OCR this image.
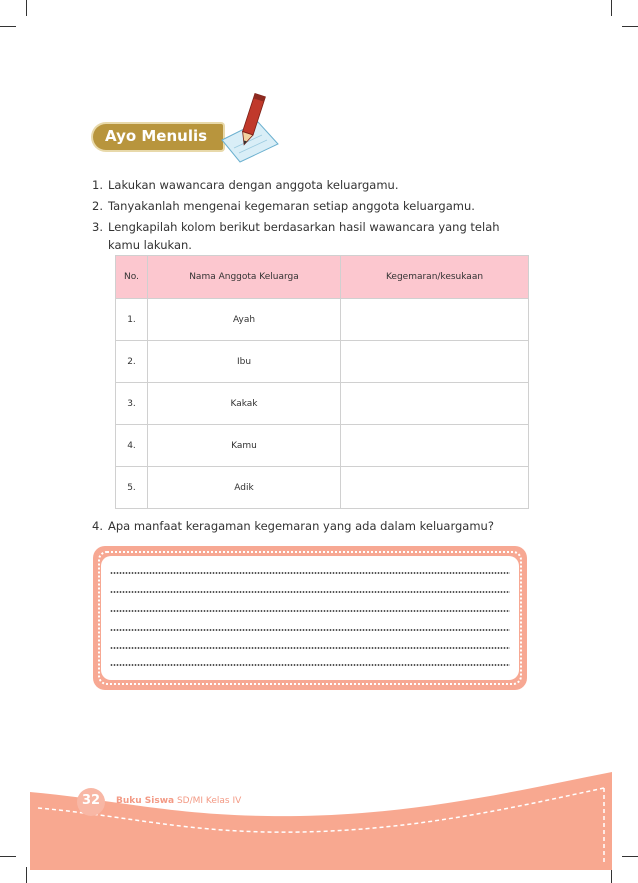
Ayo Menulis
1. Lakukan wawancara dengan anggota keluargamu.
2. Tanyakanlah mengenai kegemaran setiap anggota keluargamu.
3. Lengkapilah kolom berikut berdasarkan hasil wawancara yang telah kamu lakukan.
No.	Nama Anggota Keluarga	Kegemaran/kesukaan
1.	Ayah	
2.	Ibu	
3.	Kakak	
4.	Kamu	
5.	Adik	
4. Apa manfaat keragaman kegemaran yang ada dalam keluargamu?
32	Buku Siswa SD/MI Kelas IV
